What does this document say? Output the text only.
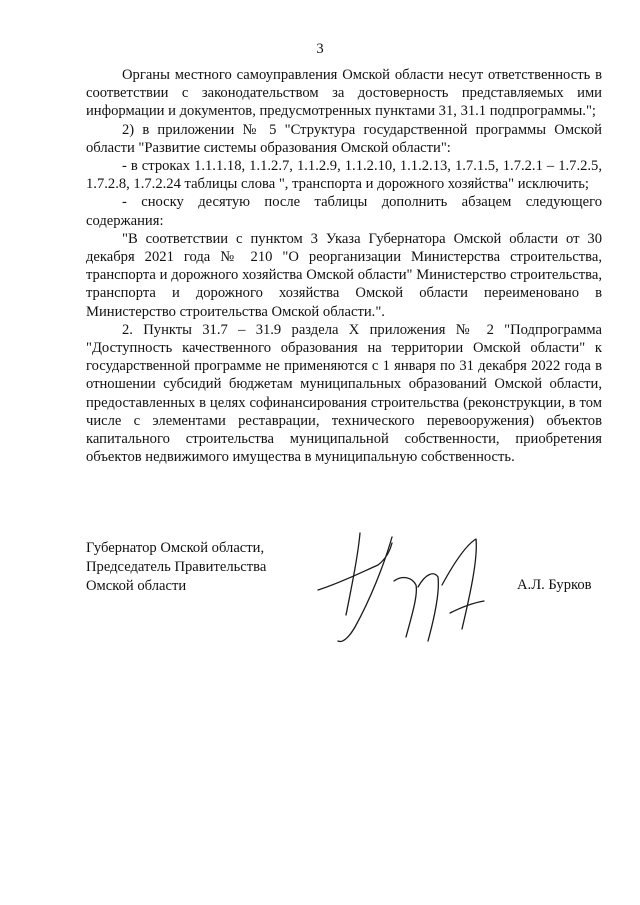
3

Органы местного самоуправления Омской области несут ответственность в соответствии с законодательством за достоверность представляемых ими информации и документов, предусмотренных пунктами 31, 31.1 подпрограммы.";

2) в приложении № 5 "Структура государственной программы Омской области "Развитие системы образования Омской области":

- в строках 1.1.1.18, 1.1.2.7, 1.1.2.9, 1.1.2.10, 1.1.2.13, 1.7.1.5, 1.7.2.1 – 1.7.2.5, 1.7.2.8, 1.7.2.24 таблицы слова ", транспорта и дорожного хозяйства" исключить;

- сноску десятую после таблицы дополнить абзацем следующего содержания:

"В соответствии с пунктом 3 Указа Губернатора Омской области от 30 декабря 2021 года № 210 "О реорганизации Министерства строительства, транспорта и дорожного хозяйства Омской области" Министерство строительства, транспорта и дорожного хозяйства Омской области переименовано в Министерство строительства Омской области.".

2. Пункты 31.7 – 31.9 раздела X приложения № 2 "Подпрограмма "Доступность качественного образования на территории Омской области" к государственной программе не применяются с 1 января по 31 декабря 2022 года в отношении субсидий бюджетам муниципальных образований Омской области, предоставленных в целях софинансирования строительства (реконструкции, в том числе с элементами реставрации, технического перевооружения) объектов капитального строительства муниципальной собственности, приобретения объектов недвижимого имущества в муниципальную собственность.

Губернатор Омской области,
Председатель Правительства
Омской области	А.Л. Бурков
